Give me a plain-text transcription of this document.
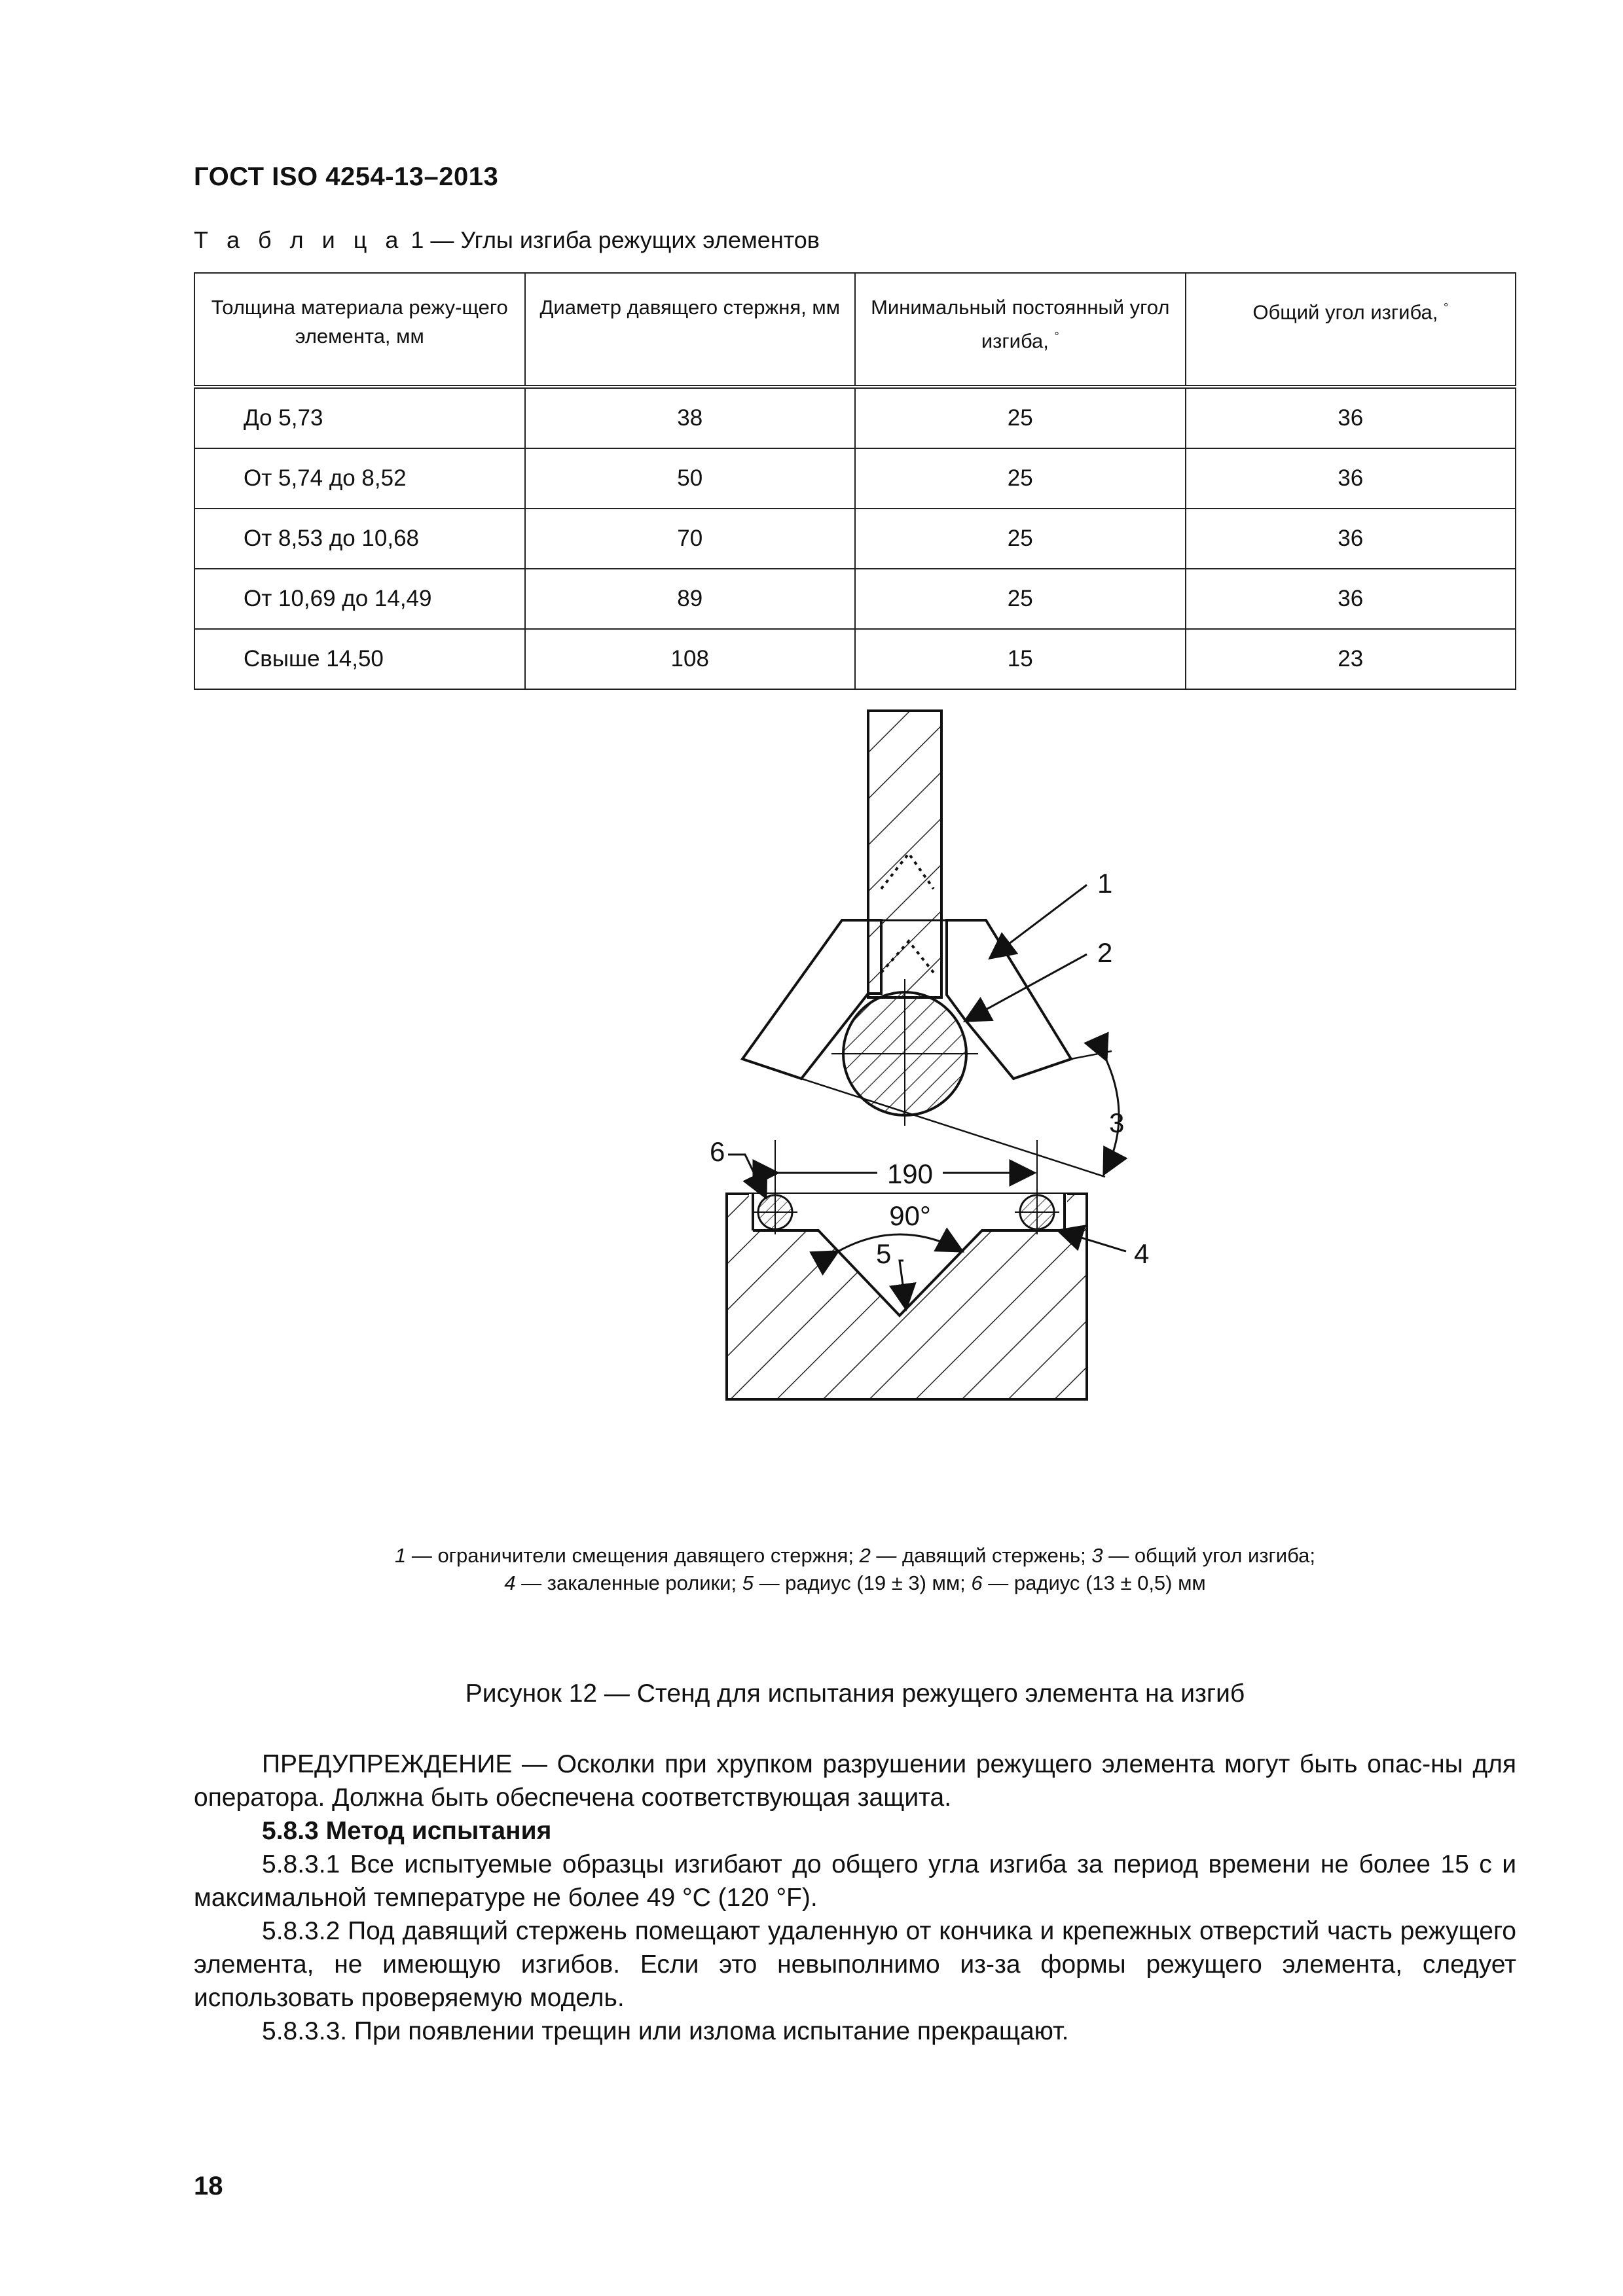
ГОСТ ISO 4254-13–2013
Т а б л и ц а 1 — Углы изгиба режущих элементов
Толщина материала режу-щего элемента, мм	Диаметр давящего стержня, мм	Минимальный постоянный угол изгиба, °	Общий угол изгиба, °
До 5,73	38	25	36
От 5,74 до 8,52	50	25	36
От 8,53 до 10,68	70	25	36
От 10,69 до 14,49	89	25	36
Свыше 14,50	108	15	23
190
90°
1
2
3
4
5
6
1 — ограничители смещения давящего стержня; 2 — давящий стержень; 3 — общий угол изгиба;
4 — закаленные ролики; 5 — радиус (19 ± 3) мм; 6 — радиус (13 ± 0,5) мм
Рисунок 12 — Стенд для испытания режущего элемента на изгиб
ПРЕДУПРЕЖДЕНИЕ — Осколки при хрупком разрушении режущего элемента могут быть опас-ны для оператора. Должна быть обеспечена соответствующая защита.
5.8.3 Метод испытания
5.8.3.1 Все испытуемые образцы изгибают до общего угла изгиба за период времени не более 15 с и максимальной температуре не более 49 °С (120 °F).
5.8.3.2 Под давящий стержень помещают удаленную от кончика и крепежных отверстий часть режущего элемента, не имеющую изгибов. Если это невыполнимо из-за формы режущего элемента, следует использовать проверяемую модель.
5.8.3.3. При появлении трещин или излома испытание прекращают.
18
